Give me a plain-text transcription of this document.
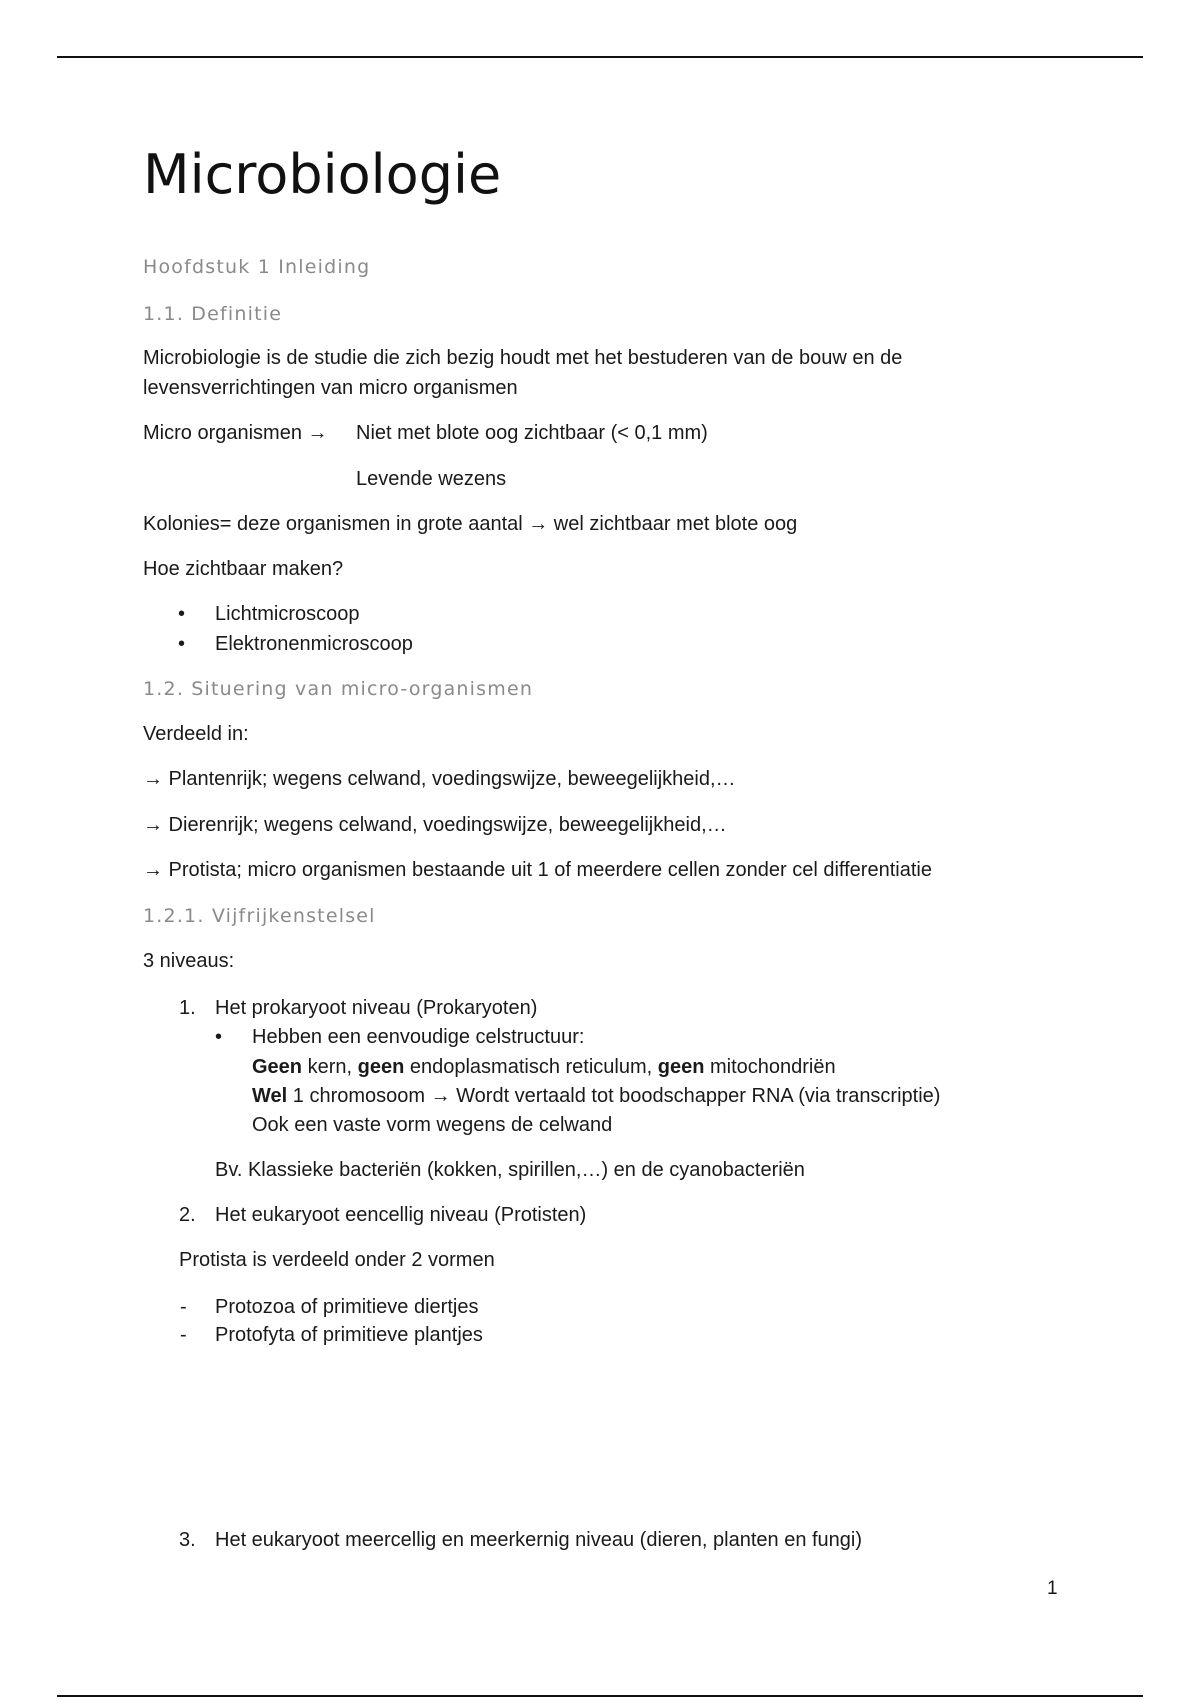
Microbiologie
Hoofdstuk 1 Inleiding
1.1. Definitie
Microbiologie is de studie die zich bezig houdt met het bestuderen van de bouw en de
levensverrichtingen van micro organismen
Micro organismen → Niet met blote oog zichtbaar (< 0,1 mm)
Levende wezens
Kolonies= deze organismen in grote aantal → wel zichtbaar met blote oog
Hoe zichtbaar maken?
• Lichtmicroscoop
• Elektronenmicroscoop
1.2. Situering van micro-organismen
Verdeeld in:
→ Plantenrijk; wegens celwand, voedingswijze, beweegelijkheid,…
→ Dierenrijk; wegens celwand, voedingswijze, beweegelijkheid,…
→ Protista; micro organismen bestaande uit 1 of meerdere cellen zonder cel differentiatie
1.2.1. Vijfrijkenstelsel
3 niveaus:
1. Het prokaryoot niveau (Prokaryoten)
• Hebben een eenvoudige celstructuur:
Geen kern, geen endoplasmatisch reticulum, geen mitochondriën
Wel 1 chromosoom → Wordt vertaald tot boodschapper RNA (via transcriptie)
Ook een vaste vorm wegens de celwand
Bv. Klassieke bacteriën (kokken, spirillen,…) en de cyanobacteriën
2. Het eukaryoot eencellig niveau (Protisten)
Protista is verdeeld onder 2 vormen
- Protozoa of primitieve diertjes
- Protofyta of primitieve plantjes
3. Het eukaryoot meercellig en meerkernig niveau (dieren, planten en fungi)
1
